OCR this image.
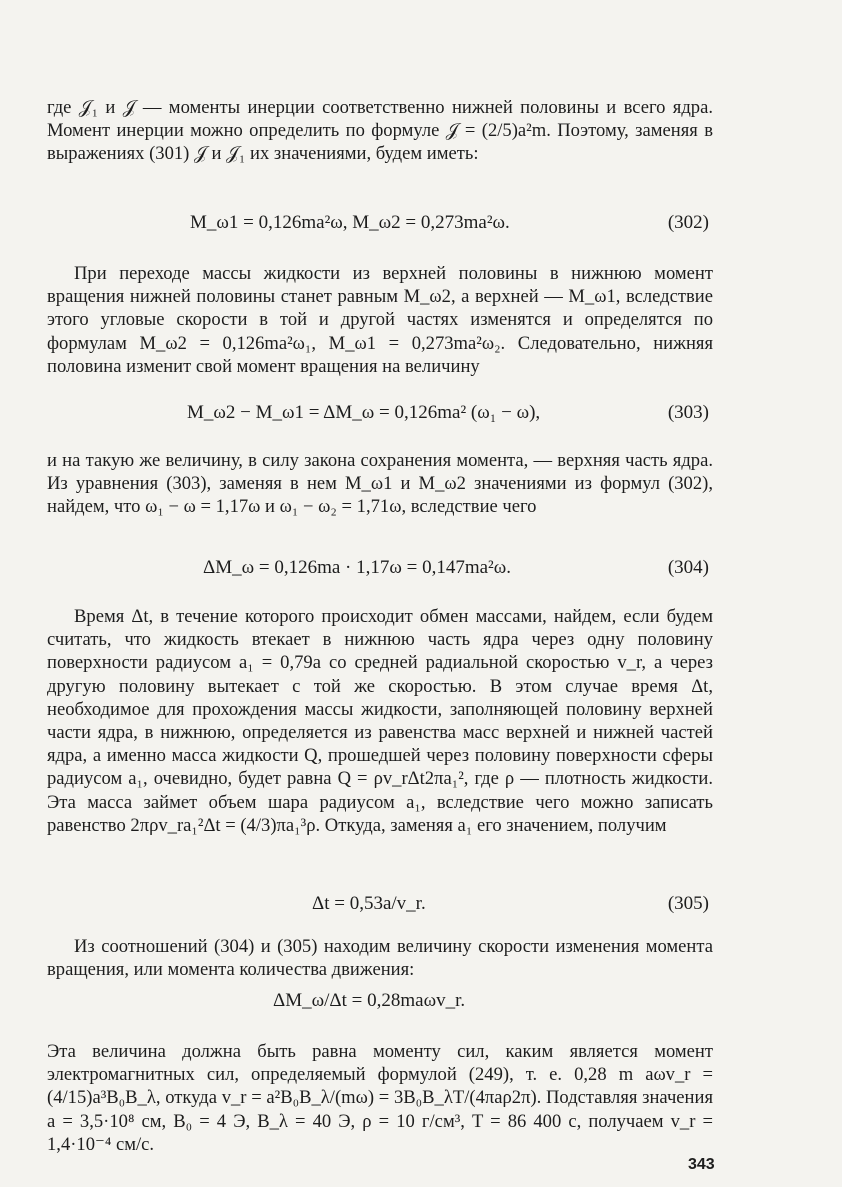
где 𝒥₁ и 𝒥 — моменты инерции соответственно нижней половины и всего ядра. Момент инерции можно определить по формуле 𝒥 = (2/5)a²m. Поэтому, заменяя в выражениях (301) 𝒥 и 𝒥₁ их значениями, будем иметь:

M_ω1 = 0,126ma²ω, M_ω2 = 0,273ma²ω.	(302)

При переходе массы жидкости из верхней половины в нижнюю момент вращения нижней половины станет равным M_ω2, а верхней — M_ω1, вследствие этого угловые скорости в той и другой частях изменятся и определятся по формулам M_ω2 = 0,126ma²ω₁, M_ω1 = 0,273ma²ω₂. Следовательно, нижняя половина изменит свой момент вращения на величину

M_ω2 − M_ω1 = ΔM_ω = 0,126ma² (ω₁ − ω),	(303)

и на такую же величину, в силу закона сохранения момента, — верхняя часть ядра. Из уравнения (303), заменяя в нем M_ω1 и M_ω2 значениями из формул (302), найдем, что ω₁ − ω = 1,17ω и ω₁ − ω₂ = 1,71ω, вследствие чего

ΔM_ω = 0,126ma · 1,17ω = 0,147ma²ω.	(304)

Время Δt, в течение которого происходит обмен массами, найдем, если будем считать, что жидкость втекает в нижнюю часть ядра через одну половину поверхности радиусом a₁ = 0,79a со средней радиальной скоростью v_r, а через другую половину вытекает с той же скоростью. В этом случае время Δt, необходимое для прохождения массы жидкости, заполняющей половину верхней части ядра, в нижнюю, определяется из равенства масс верхней и нижней частей ядра, а именно масса жидкости Q, прошедшей через половину поверхности сферы радиусом a₁, очевидно, будет равна Q = ρv_rΔt2πa₁², где ρ — плотность жидкости. Эта масса займет объем шара радиусом a₁, вследствие чего можно записать равенство 2πρv_ra₁²Δt = (4/3)πa₁³ρ. Откуда, заменяя a₁ его значением, получим

Δt = 0,53a/v_r.	(305)

Из соотношений (304) и (305) находим величину скорости изменения момента вращения, или момента количества движения:

ΔM_ω/Δt = 0,28maωv_r.

Эта величина должна быть равна моменту сил, каким является момент электромагнитных сил, определяемый формулой (249), т. е. 0,28 m aωv_r = (4/15)a³B₀B_λ, откуда v_r = a²B₀B_λ/(mω) = 3B₀B_λT/(4πaρ2π). Подставляя значения a = 3,5·10⁸ см, B₀ = 4 Э, B_λ = 40 Э, ρ = 10 г/см³, T = 86 400 с, получаем v_r = 1,4·10⁻⁴ см/с.

343
